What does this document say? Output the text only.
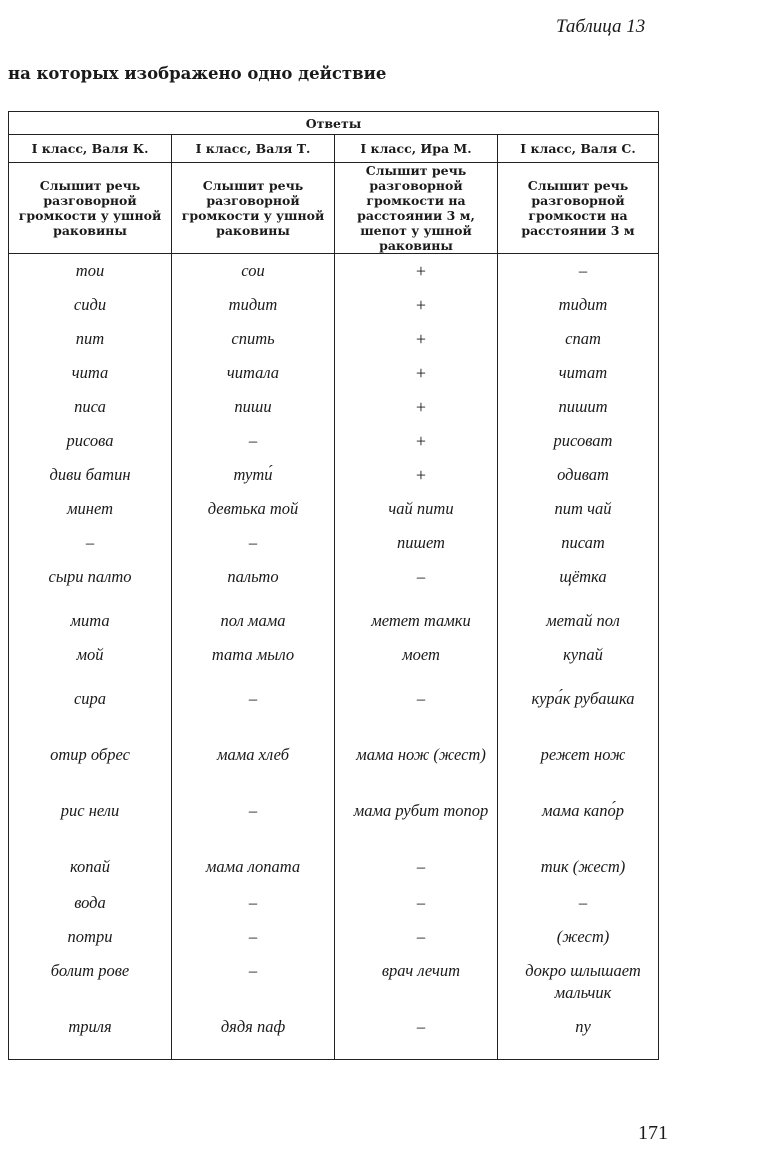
Таблица 13
на которых изображено одно действие
Ответы			
I класс, Валя К.	I класс, Валя Т.	I класс, Ира М.	I класс, Валя С.
Слышит речь разговорной громкости у ушной раковины	Слышит речь разговорной громкости у ушной раковины	Слышит речь разговорной громкости на расстоянии 3 м, шепот у ушной раковины	Слышит речь разговорной громкости на расстоянии 3 м
тои	сои	+	–
сиди	тидит	+	тидит
пит	спить	+	спат
чита	читала	+	читат
писа	пиши	+	пишит
рисова	–	+	рисоват
диви батин	туmи́	+	одиват
минет	девтька той	чай пити	пит чай
–	–	пишет	писат
сыри палто	пальто	–	щётка
мита	пол мама	метет тамки	метай пол
мой	тата мыло	моет	купай
сира	–	–	кура́к рубашка
отир обрес	мама хлеб	мама нож (жест)	режет нож
рис нели	–	мама рубит топор	мама капо́р
копай	мама лопата	–	тик (жест)
вода	–	–	–
потри	–	–	(жест)
болит рове	–	врач лечит	докро шлышает мальчик
триля	дядя паф	–	пу
171
